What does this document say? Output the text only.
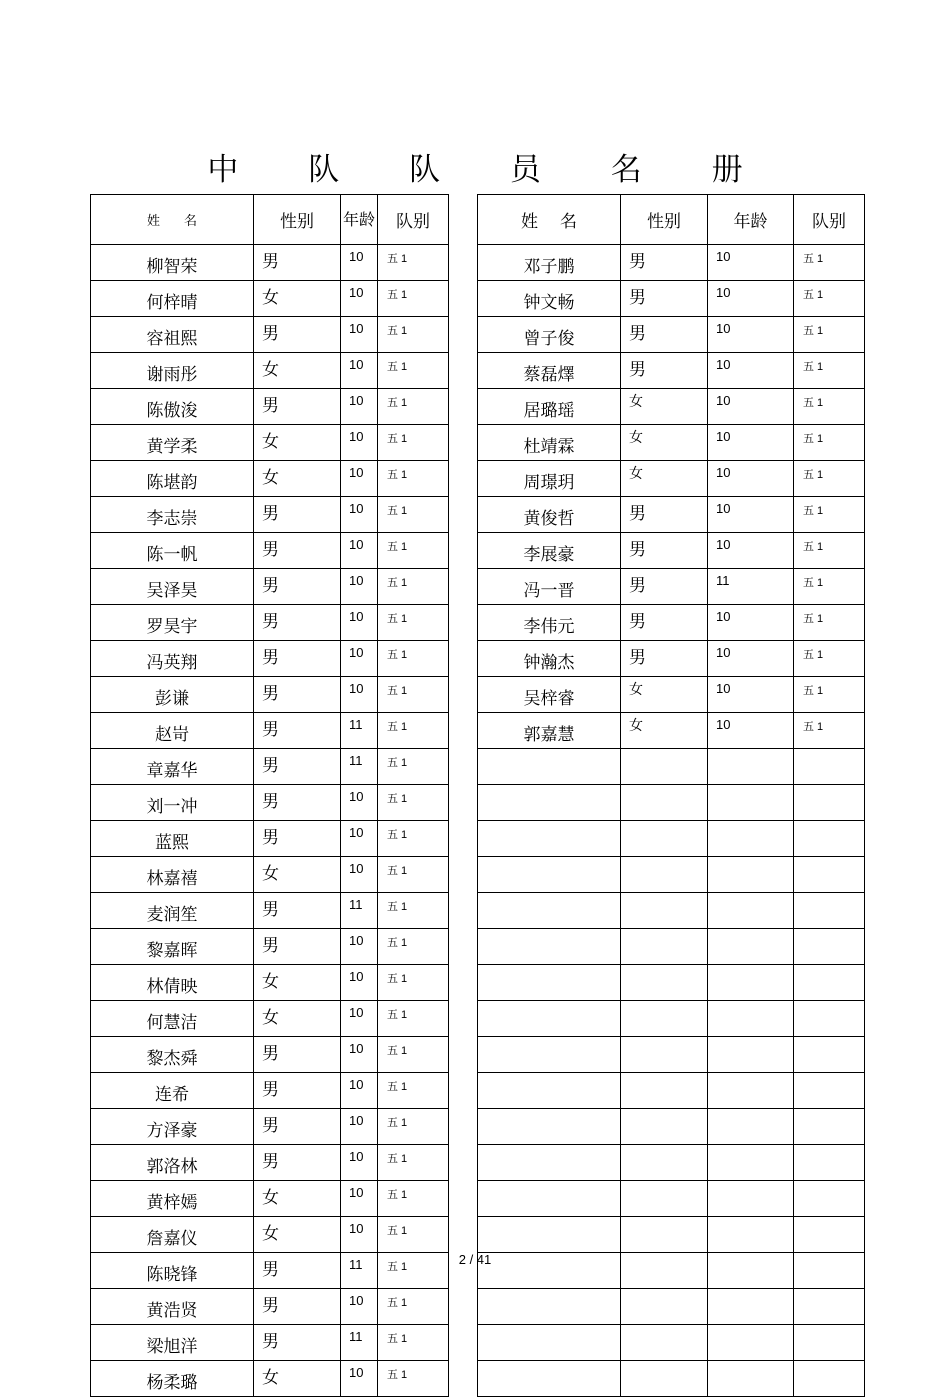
中 队 队 员 名 册
姓名	性别	年龄	队别
柳智荣	男	10	五 1
何梓晴	女	10	五 1
容祖熙	男	10	五 1
谢雨彤	女	10	五 1
陈傲浚	男	10	五 1
黄学柔	女	10	五 1
陈堪韵	女	10	五 1
李志崇	男	10	五 1
陈一帆	男	10	五 1
吴泽昊	男	10	五 1
罗昊宇	男	10	五 1
冯英翔	男	10	五 1
彭谦	男	10	五 1
赵岢	男	11	五 1
章嘉华	男	11	五 1
刘一冲	男	10	五 1
蓝熙	男	10	五 1
林嘉禧	女	10	五 1
麦润笙	男	11	五 1
黎嘉晖	男	10	五 1
林倩映	女	10	五 1
何慧洁	女	10	五 1
黎杰舜	男	10	五 1
连希	男	10	五 1
方泽豪	男	10	五 1
郭洛林	男	10	五 1
黄梓嫣	女	10	五 1
詹嘉仪	女	10	五 1
陈晓锋	男	11	五 1
黄浩贤	男	10	五 1
梁旭洋	男	11	五 1
杨柔璐	女	10	五 1
姓名	性别	年龄	队别
邓子鹏	男	10	五 1
钟文畅	男	10	五 1
曾子俊	男	10	五 1
蔡磊燡	男	10	五 1
居璐瑶	女	10	五 1
杜靖霖	女	10	五 1
周璟玥	女	10	五 1
黄俊哲	男	10	五 1
李展豪	男	10	五 1
冯一晋	男	11	五 1
李伟元	男	10	五 1
钟瀚杰	男	10	五 1
吴梓睿	女	10	五 1
郭嘉慧	女	10	五 1

2 / 41
